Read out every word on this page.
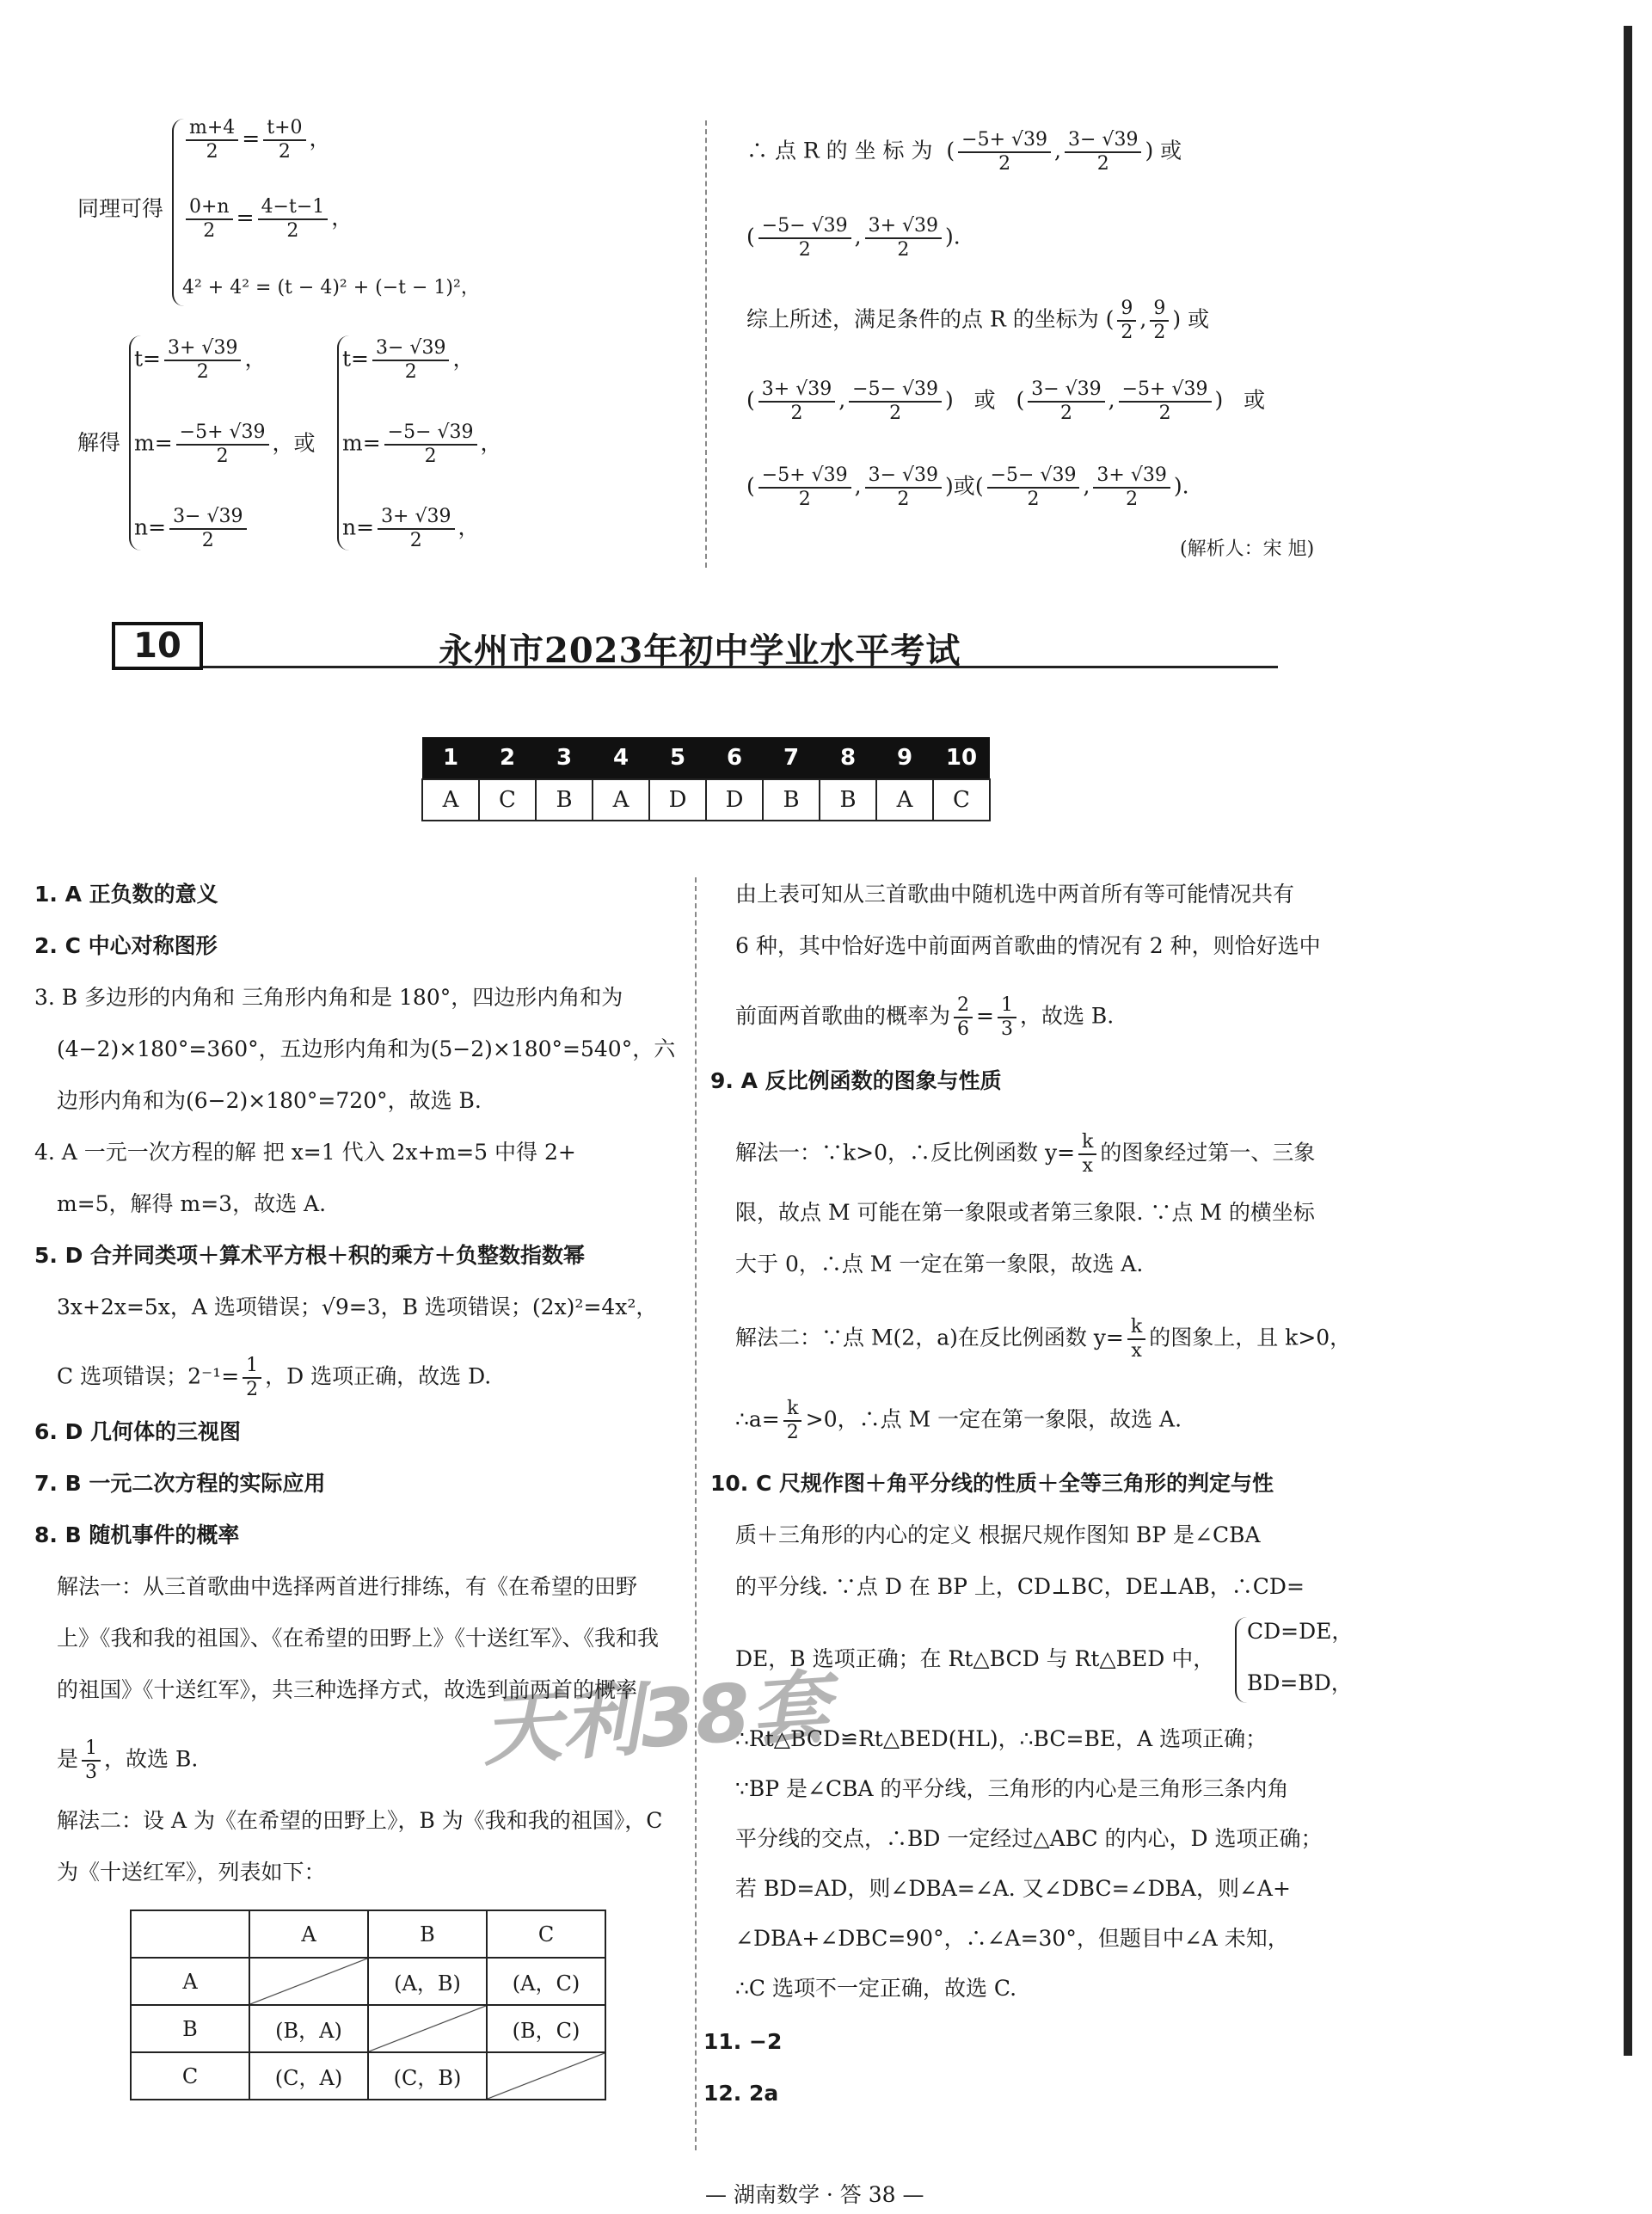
同理可得
$\frac{m+4}{2} = \frac{t+0}{2}$ ，
$\frac{0+n}{2} = \frac{4-t-1}{2}$ ，
4² + 4² = (t − 4)² + (−t − 1)²，
解得
$t= \frac{3+ √39}{2}$ ，
$m= \frac{-5+ √39}{2}$ ，或
$n= \frac{3- √39}{2}$
$t= \frac{3- √39}{2}$ ，
$m= \frac{-5- √39}{2}$ ，
$n= \frac{3+ √39}{2}$ ，
∴ 点 R 的 坐 标 为  ( $\frac{-5+ √39}{2}$ , $\frac{3- √39}{2}$ ) 或
( $\frac{-5- √39}{2}$ , $\frac{3+ √39}{2}$ ).
综上所述，满足条件的点 R 的坐标为 ( $\frac{9}{2}$ , $\frac{9}{2}$ ) 或
( $\frac{3+ √39}{2}$ , $\frac{-5- √39}{2}$ )   或   ( $\frac{3- √39}{2}$ , $\frac{-5+ √39}{2}$ )   或
( $\frac{-5+ √39}{2}$ , $\frac{3- √39}{2}$ )或( $\frac{-5- √39}{2}$ , $\frac{3+ √39}{2}$ ).
(解析人：宋 旭)
10	永州市2023年初中学业水平考试
1	2	3	4	5	6	7	8	9	10
A	C	B	A	D	D	B	B	A	C
1. A 正负数的意义
2. C 中心对称图形
3. B 多边形的内角和 三角形内角和是 180°，四边形内角和为
(4−2)×180°=360°，五边形内角和为(5−2)×180°=540°，六
边形内角和为(6−2)×180°=720°，故选 B.
4. A 一元一次方程的解 把 x=1 代入 2x+m=5 中得 2+
m=5，解得 m=3，故选 A.
5. D 合并同类项＋算术平方根＋积的乘方＋负整数指数幂
3x+2x=5x，A 选项错误；√9=3，B 选项错误；(2x)²=4x²，
C 选项错误；$2^{-1}= \frac{1}{2}$ ，D 选项正确，故选 D.
6. D 几何体的三视图
7. B 一元二次方程的实际应用
8. B 随机事件的概率
解法一：从三首歌曲中选择两首进行排练，有《在希望的田野
上》《我和我的祖国》、《在希望的田野上》《十送红军》、《我和我
的祖国》《十送红军》，共三种选择方式，故选到前两首的概率
是 $\frac{1}{3}$ ，故选 B.
解法二：设 A 为《在希望的田野上》，B 为《我和我的祖国》，C
为《十送红军》，列表如下：
	A	B	C
A		(A，B)	(A，C)
B	(B，A)		(B，C)
C	(C，A)	(C，B)	
由上表可知从三首歌曲中随机选中两首所有等可能情况共有
6 种，其中恰好选中前面两首歌曲的情况有 2 种，则恰好选中
前面两首歌曲的概率为 $\frac{2}{6} = \frac{1}{3}$ ，故选 B.
9. A 反比例函数的图象与性质
解法一：∵k>0，∴反比例函数 $y= \frac{k}{x}$ 的图象经过第一、三象
限，故点 M 可能在第一象限或者第三象限. ∵点 M 的横坐标
大于 0，∴点 M 一定在第一象限，故选 A.
解法二：∵点 M(2，a)在反比例函数 $y= \frac{k}{x}$ 的图象上，且 k>0，
∴a= $\frac{k}{2} >0$，∴点 M 一定在第一象限，故选 A.
10. C 尺规作图＋角平分线的性质＋全等三角形的判定与性
质＋三角形的内心的定义 根据尺规作图知 BP 是∠CBA
的平分线. ∵点 D 在 BP 上，CD⊥BC，DE⊥AB，∴CD=
DE，B 选项正确；在 Rt△BCD 与 Rt△BED 中，
CD=DE，
BD=BD，
∴Rt△BCD≌Rt△BED(HL)，∴BC=BE，A 选项正确；
∵BP 是∠CBA 的平分线，三角形的内心是三角形三条内角
平分线的交点，∴BD 一定经过△ABC 的内心，D 选项正确；
若 BD=AD，则∠DBA=∠A. 又∠DBC=∠DBA，则∠A+
∠DBA+∠DBC=90°，∴∠A=30°，但题目中∠A 未知，
∴C 选项不一定正确，故选 C.
11. −2
12. 2a
天利38套
— 湖南数学 · 答 38 —
